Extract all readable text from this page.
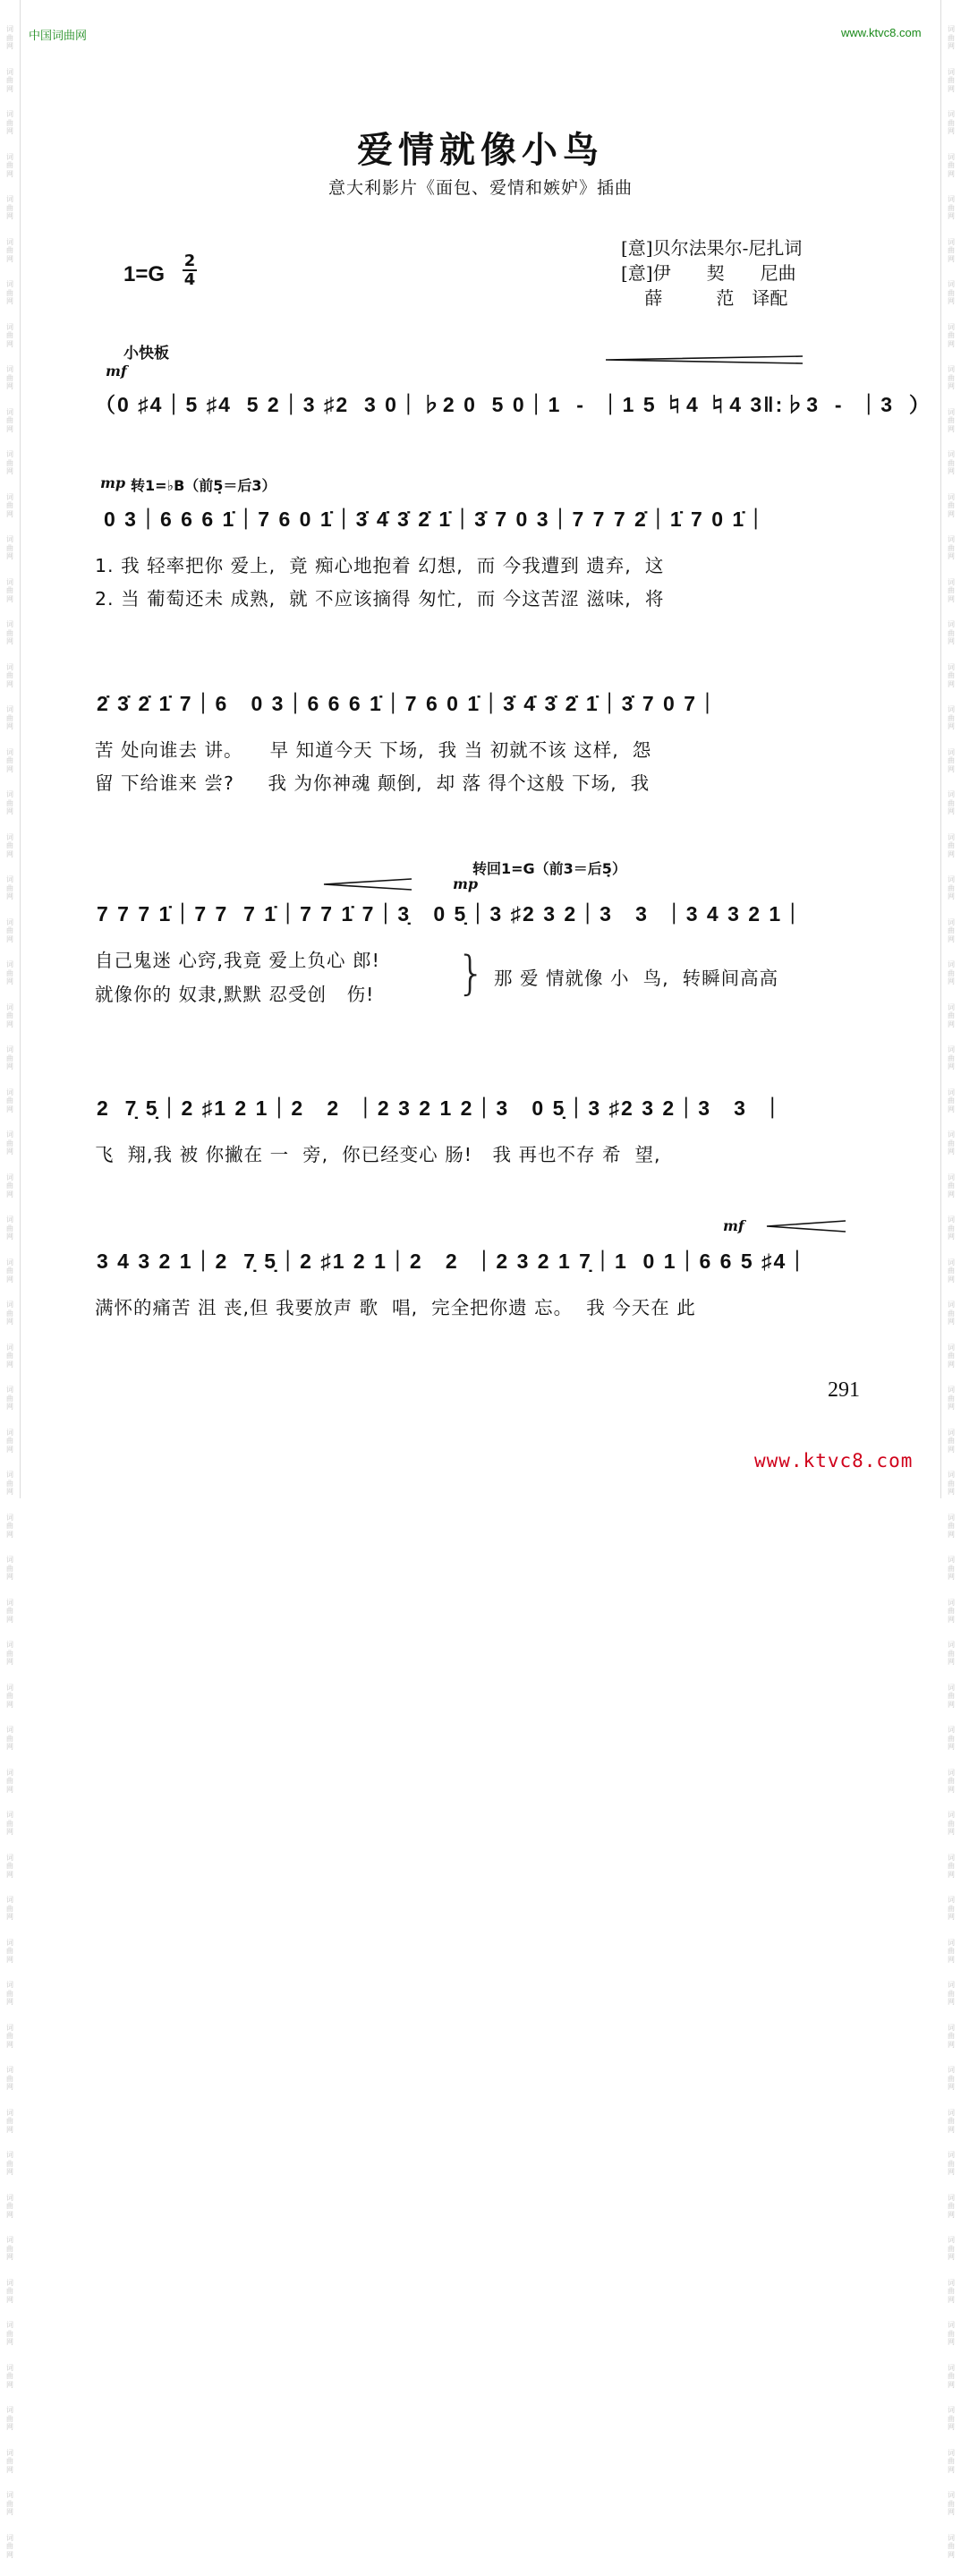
词
曲
网

词
曲
网

词
曲
网

词
曲
网

词
曲
网

词
曲
网

词
曲
网

词
曲
网

词
曲
网

词
曲
网

词
曲
网

词
曲
网

词
曲
网

词
曲
网

词
曲
网

词
曲
网

词
曲
网

词
曲
网

词
曲
网

词
曲
网

词
曲
网

词
曲
网

词
曲
网

词
曲
网

词
曲
网

词
曲
网

词
曲
网

词
曲
网

词
曲
网

词
曲
网

词
曲
网

词
曲
网

词
曲
网

词
曲
网

词
曲
网

词
曲
网

词
曲
网

词
曲
网

词
曲
网

词
曲
网

词
曲
网

词
曲
网

词
曲
网

词
曲
网

词
曲
网

词
曲
网

词
曲
网

词
曲
网

词
曲
网

词
曲
网

词
曲
网

词
曲
网

词
曲
网

词
曲
网

词
曲
网

词
曲
网

词
曲
网

词
曲
网

词
曲
网

词
曲
网

词
曲
网

词
曲
网

词
曲
网

词
曲
网

词
曲
网

词
曲
网

词
曲
网

词
曲
网

词
曲
网

词
曲
网

词
曲
网

词
曲
网

词
曲
网

词
曲
网

词
曲
网

词
曲
网

词
曲
网

词
曲
网

词
曲
网

词
曲
网

词
曲
网

词
曲
网

词
曲
网

词
曲
网

词
曲
网

词
曲
网

词
曲
网

词
曲
网

词
曲
网

词
曲
网

词
曲
网

词
曲
网

词
曲
网

词
曲
网

词
曲
网

词
曲
网

词
曲
网

词
曲
网

词
曲
网

词
曲
网

词
曲
网

词
曲
网

词
曲
网

词
曲
网

词
曲
网

词
曲
网

词
曲
网

词
曲
网

词
曲
网

词
曲
网

词
曲
网

词
曲
网

词
曲
网

词
曲
网

词
曲
网

词
曲
网

词
曲
网

词
曲
网

词
曲
网

词
曲
网

中国词曲网	www.ktvc8.com
爱情就像小鸟
意大利影片《面包、爱情和嫉妒》插曲
[意]贝尔法果尔-尼扎词
[意]伊　　契　　尼曲
　 薛　　　范　译配
1=G
2
4
小快板
mf
（0 ♯4｜5 ♯4  5 2｜3 ♯2  3 0｜♭2 0  5 0｜1  -  ｜1 5 ♮4 ♮4 3‖:♭3  -  ｜3  ）
mp 转1=♭B（前5̣＝后3）
0 3｜6 6 6 1̇｜7 6 0 1̇｜3̇ 4̇ 3̇ 2̇ 1̇｜3̇ 7 0 3｜7 7 7 2̇｜1̇ 7 0 1̇｜
1. 我 轻率把你 爱上,  竟 痴心地抱着 幻想,  而 今我遭到 遗弃,  这
2. 当 葡萄还未 成熟,  就 不应该摘得 匆忙,  而 今这苦涩 滋味,  将
2̇ 3̇ 2̇ 1̇ 7｜6   0 3｜6 6 6 1̇｜7 6 0 1̇｜3̇ 4̇ 3̇ 2̇ 1̇｜3̇ 7 0 7｜
苦 处向谁去 讲。    早 知道今天 下场,  我 当 初就不该 这样,  怨
留 下给谁来 尝?     我 为你神魂 颠倒,  却 落 得个这般 下场,  我
转回1=G（前3＝后5̣）
mp
7 7 7 1̇｜7 7  7 1̇｜7 7 1̇ 7｜3̣   0 5̣｜3 ♯2 3 2｜3   3  ｜3 4 3 2 1｜
自己鬼迷 心窍,我竟 爱上负心 郎!
就像你的 奴隶,默默 忍受创   伤! } 那 爱 情就像 小  鸟,  转瞬间高高
2  7̣ 5̣｜2 ♯1 2 1｜2   2  ｜2 3 2 1 2｜3   0 5̣｜3 ♯2 3 2｜3   3  ｜
飞  翔,我 被 你撇在 一  旁,  你已经变心 肠!   我 再也不存 希  望,
mf
3 4 3 2 1｜2  7̣ 5̣｜2 ♯1 2 1｜2   2  ｜2 3 2 1 7̣｜1  0 1｜6 6 5 ♯4｜
满怀的痛苦 沮 丧,但 我要放声 歌  唱,  完全把你遗 忘。  我 今天在 此
291
www.ktvc8.com
